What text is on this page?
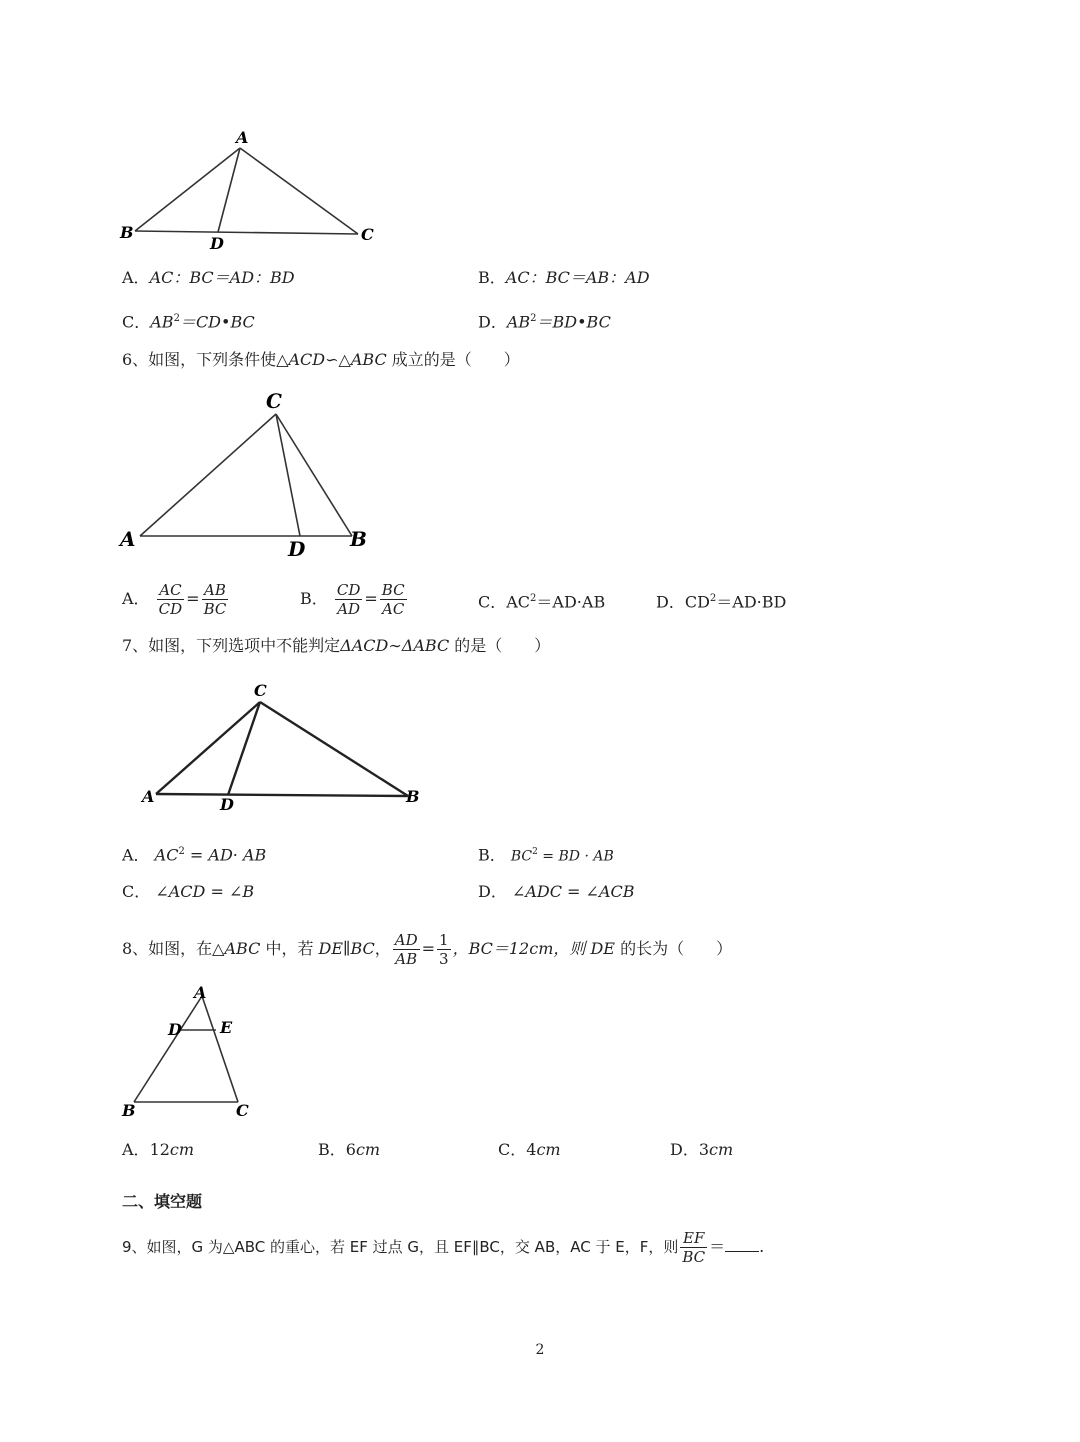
A
B	C
D
A．AC：BC＝AD：BD	B．AC：BC＝AB：AD
C．$AB^2=CD•BC$	D．$AB^2=BD•BC$
6、如图，下列条件使△ACD∽△ABC 成立的是（　　）
C
A	B
D
A． $\frac{AC}{CD} = \frac{AB}{BC}$	B． $\frac{CD}{AD} = \frac{BC}{AC}$	C．$AC^2=AD\cdot AB$	D．$CD^2=AD\cdot BD$
7、如图，下列选项中不能判定ΔACD∼ΔABC 的是（　　）
C
A	B
D
A． $AC^2 = AD\cdot$ AB	B． $BC^2$ = BD · AB
C． ∠ACD = ∠B	D． ∠ADC = ∠ACB
8、如图，在△ABC 中，若 DE∥BC， $\frac{AD}{AB} = \frac{1}{3}$ ，BC＝12cm，则 DE 的长为（　　）
A
D E
B	C
A．12cm	B．6cm	C．4cm	D．3cm
二、填空题
9、如图，G 为△ABC 的重心，若 EF 过点 G，且 EF∥BC，交 AB，AC 于 E，F，则 $\frac{EF}{BC}$ ＝ .
2
